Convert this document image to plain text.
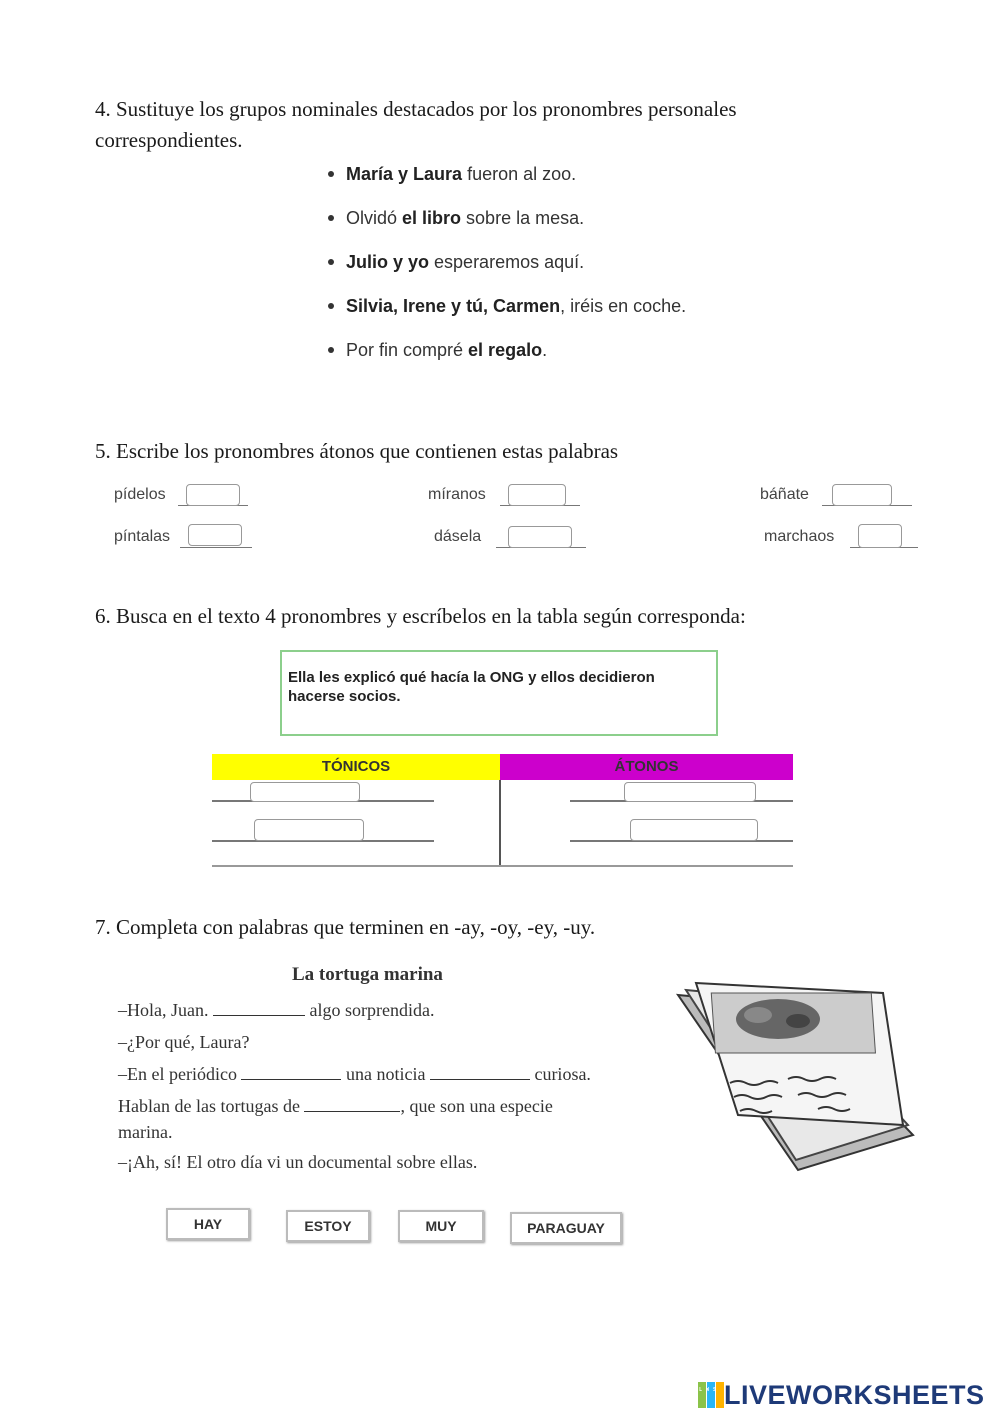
4. Sustituye los grupos nominales destacados por los pronombres personales
correspondientes.
María y Laura fueron al zoo.
Olvidó el libro sobre la mesa.
Julio y yo esperaremos aquí.
Silvia, Irene y tú, Carmen, iréis en coche.
Por fin compré el regalo.
5. Escribe los pronombres átonos que contienen estas palabras
pídelos	míranos	báñate
píntalas	dásela	marchaos
6. Busca en el texto 4 pronombres y escríbelos en la tabla según corresponda:
Ella les explicó qué hacía la ONG y ellos decidieron
hacerse socios.
TÓNICOS	ÁTONOS
7. Completa con palabras que terminen en -ay, -oy, -ey, -uy.
La tortuga marina
–Hola, Juan.	algo sorprendida.
–¿Por qué, Laura?
–En el periódico	una noticia	curiosa.
Hablan de las tortugas de	, que son una especie
marina.
–¡Ah, sí! El otro día vi un documental sobre ellas.
HAY	ESTOY	MUY	PARAGUAY
LWS LIVEWORKSHEETS
